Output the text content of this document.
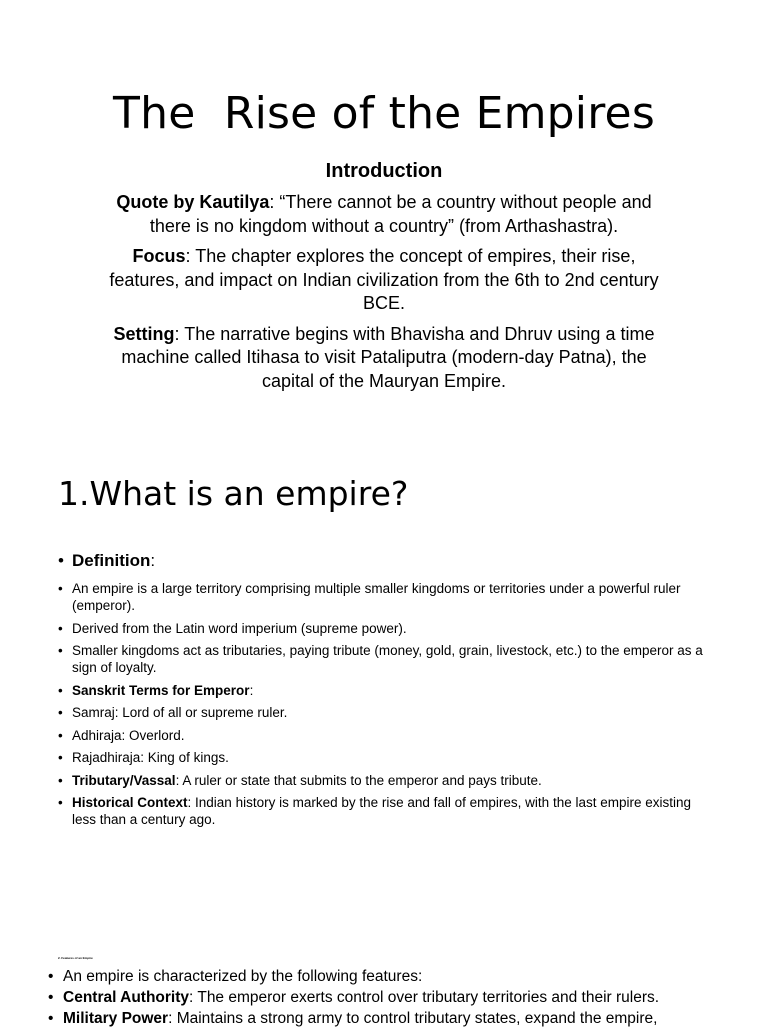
The  Rise of the Empires
Introduction

Quote by Kautilya: “There cannot be a country without people and there is no kingdom without a country” (from Arthashastra).

Focus: The chapter explores the concept of empires, their rise, features, and impact on Indian civilization from the 6th to 2nd century BCE.

Setting: The narrative begins with Bhavisha and Dhruv using a time machine called Itihasa to visit Pataliputra (modern-day Patna), the capital of the Mauryan Empire.

1.What is an empire?
• Definition:
• An empire is a large territory comprising multiple smaller kingdoms or territories under a powerful ruler (emperor).
• Derived from the Latin word imperium (supreme power).
• Smaller kingdoms act as tributaries, paying tribute (money, gold, grain, livestock, etc.) to the emperor as a sign of loyalty.
• Sanskrit Terms for Emperor:
• Samraj: Lord of all or supreme ruler.
• Adhiraja: Overlord.
• Rajadhiraja: King of kings.
• Tributary/Vassal: A ruler or state that submits to the emperor and pays tribute.
• Historical Context: Indian history is marked by the rise and fall of empires, with the last empire existing less than a century ago.
2. Features of an Empire
• An empire is characterized by the following features:
• Central Authority: The emperor exerts control over tributary territories and their rulers.
• Military Power: Maintains a strong army to control tributary states, expand the empire,
